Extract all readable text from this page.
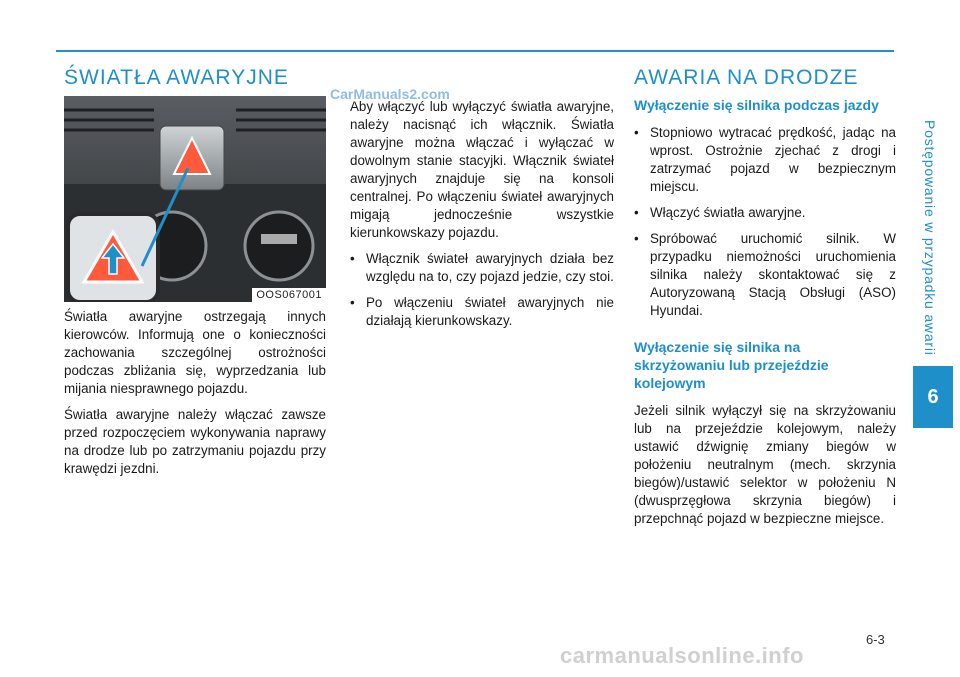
Postępowanie w przypadku awarii
6
ŚWIATŁA AWARYJNE
OOS067001

Światła awaryjne ostrzegają innych kierowców. Informują one o konieczności zachowania szczególnej ostrożności podczas zbliżania się, wyprzedzania lub mijania niesprawnego pojazdu.

Światła awaryjne należy włączać zawsze przed rozpoczęciem wykonywania naprawy na drodze lub po zatrzymaniu pojazdu przy krawędzi jezdni.

CarManuals2.com

Aby włączyć lub wyłączyć światła awaryjne, należy nacisnąć ich włącznik. Światła awaryjne można włączać i wyłączać w dowolnym stanie stacyjki. Włącznik świateł awaryjnych znajduje się na konsoli centralnej. Po włączeniu świateł awaryjnych migają jednocześnie wszystkie kierunkowskazy pojazdu.

• Włącznik świateł awaryjnych działa bez względu na to, czy pojazd jedzie, czy stoi.
• Po włączeniu świateł awaryjnych nie działają kierunkowskazy.
AWARIA NA DRODZE
Wyłączenie się silnika podczas jazdy
• Stopniowo wytracać prędkość, jadąc na wprost. Ostrożnie zjechać z drogi i zatrzymać pojazd w bezpiecznym miejscu.
• Włączyć światła awaryjne.
• Spróbować uruchomić silnik. W przypadku niemożności uruchomienia silnika należy skontaktować się z Autoryzowaną Stacją Obsługi (ASO) Hyundai.
Wyłączenie się silnika na
skrzyżowaniu lub przejeździe
kolejowym

Jeżeli silnik wyłączył się na skrzyżowaniu lub na przejeździe kolejowym, należy ustawić dźwignię zmiany biegów w położeniu neutralnym (mech. skrzynia biegów)/ustawić selektor w położeniu N (dwusprzęgłowa skrzynia biegów) i przepchnąć pojazd w bezpieczne miejsce.

6-3
carmanualsonline.info
